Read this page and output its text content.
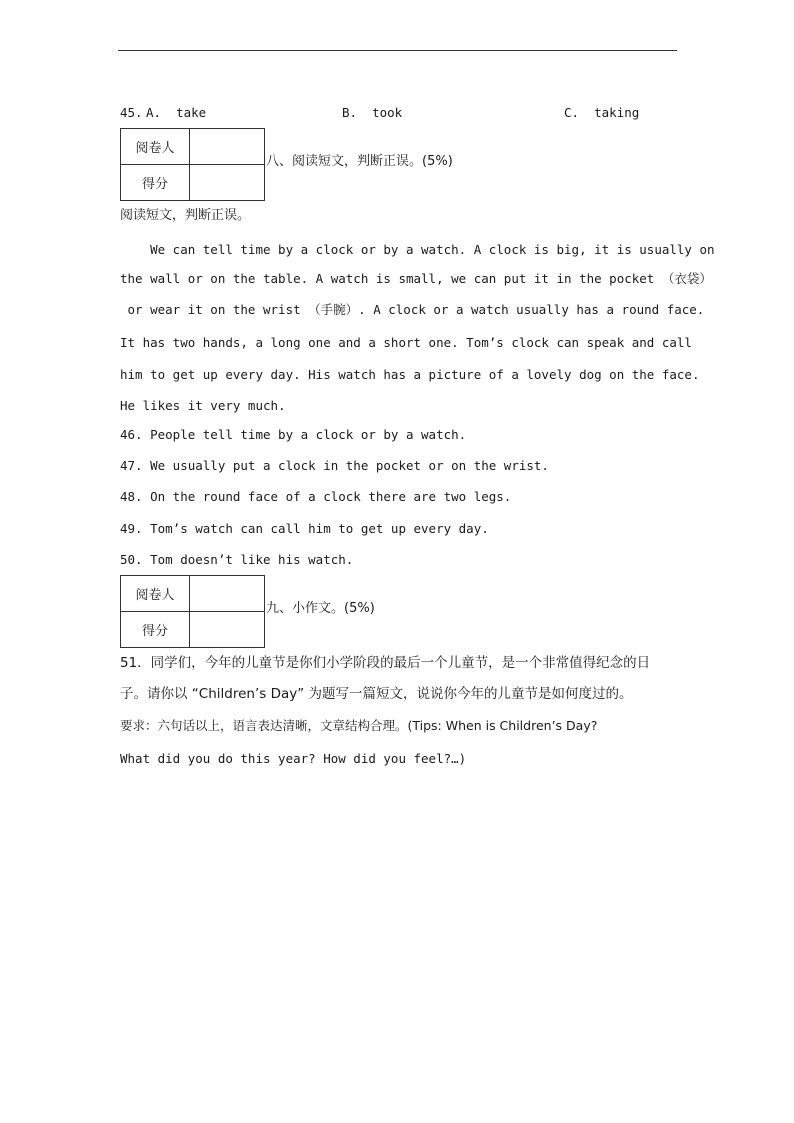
45. A.  take	B.  took	C.  taking
阅卷人	
得分	
八、阅读短文，判断正误。(5%)
阅读短文，判断正误。
We can tell time by a clock or by a watch. A clock is big, it is usually on
the wall or on the table. A watch is small, we can put it in the pocket （衣袋）
or wear it on the wrist （手腕）. A clock or a watch usually has a round face.
It has two hands, a long one and a short one. Tom’s clock can speak and call
him to get up every day. His watch has a picture of a lovely dog on the face.
He likes it very much.
46. People tell time by a clock or by a watch.
47. We usually put a clock in the pocket or on the wrist.
48. On the round face of a clock there are two legs.
49. Tom’s watch can call him to get up every day.
50. Tom doesn’t like his watch.
阅卷人	
得分	
九、小作文。(5%)
51．同学们，今年的儿童节是你们小学阶段的最后一个儿童节，是一个非常值得纪念的日
子。请你以 “Children’s Day” 为题写一篇短文，说说你今年的儿童节是如何度过的。
要求：六句话以上，语言表达清晰，文章结构合理。(Tips: When is Children’s Day?
What did you do this year? How did you feel?…)
